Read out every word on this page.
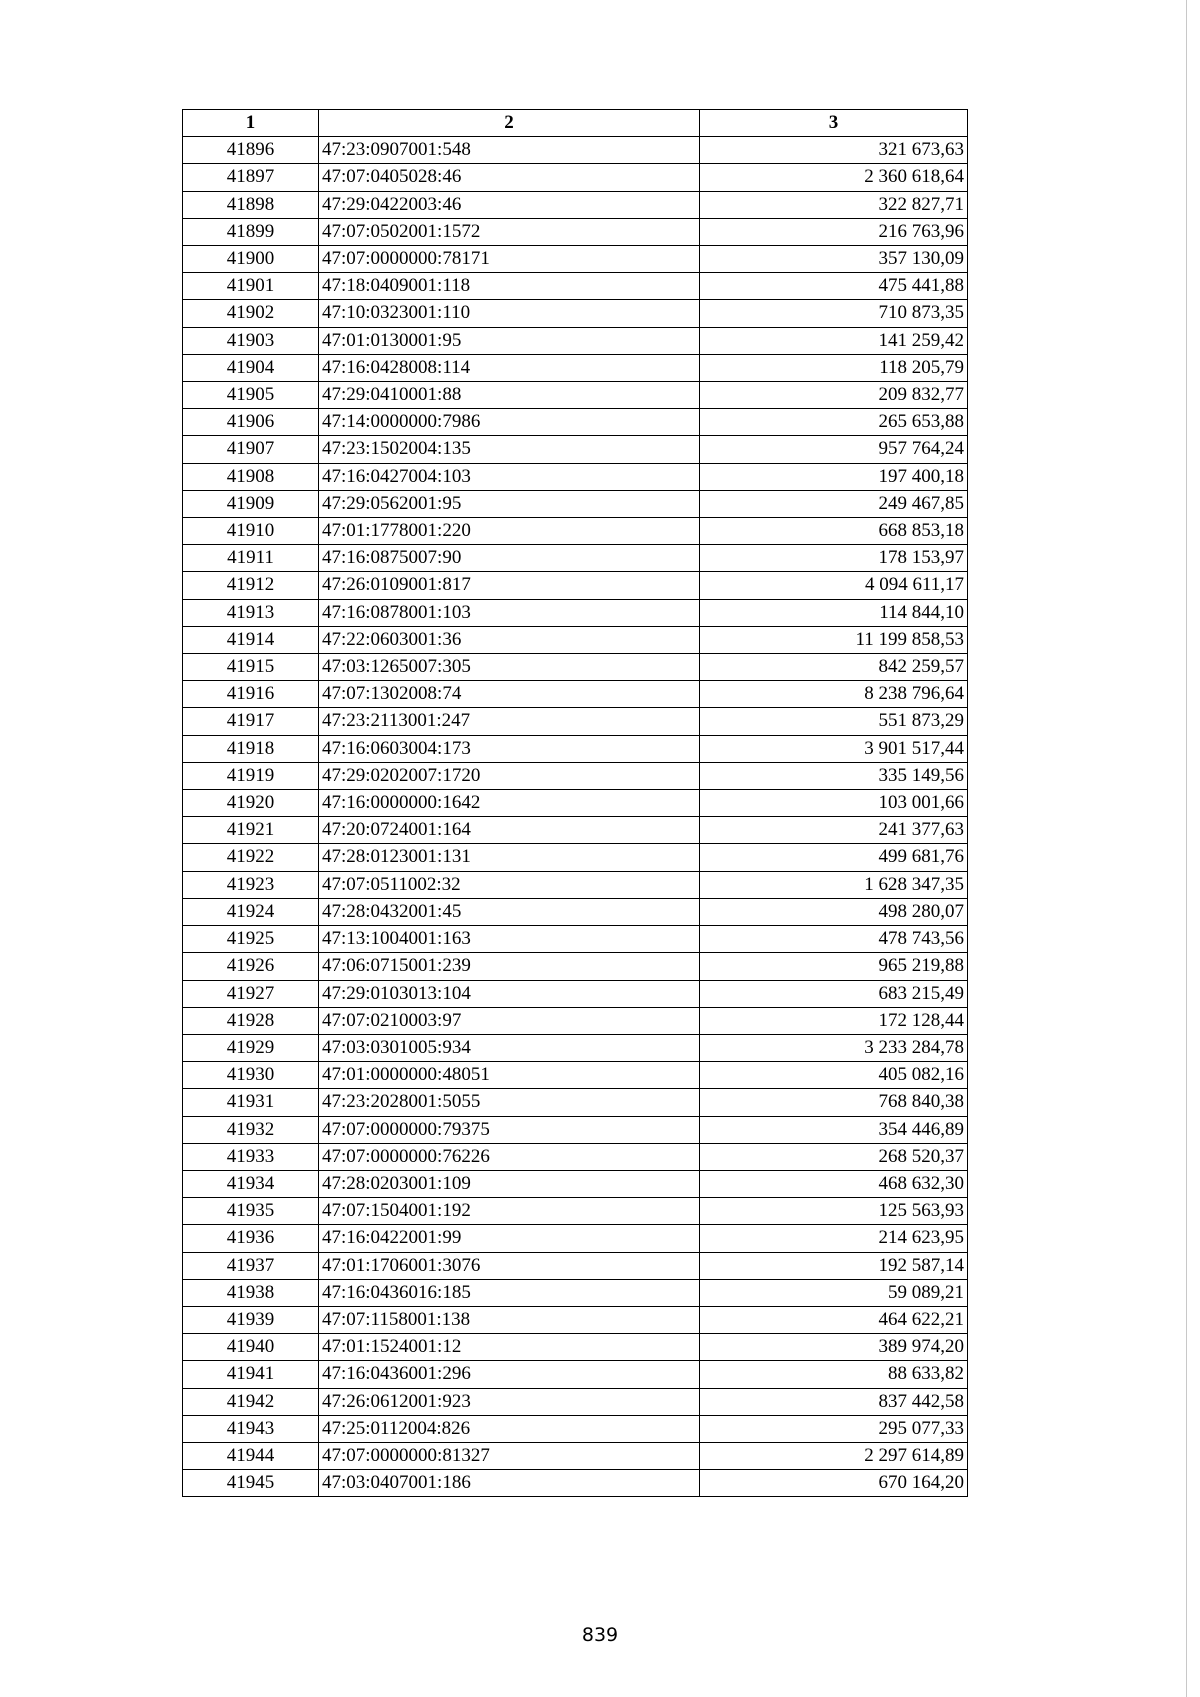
1	2	3
41896	47:23:0907001:548	321 673,63
41897	47:07:0405028:46	2 360 618,64
41898	47:29:0422003:46	322 827,71
41899	47:07:0502001:1572	216 763,96
41900	47:07:0000000:78171	357 130,09
41901	47:18:0409001:118	475 441,88
41902	47:10:0323001:110	710 873,35
41903	47:01:0130001:95	141 259,42
41904	47:16:0428008:114	118 205,79
41905	47:29:0410001:88	209 832,77
41906	47:14:0000000:7986	265 653,88
41907	47:23:1502004:135	957 764,24
41908	47:16:0427004:103	197 400,18
41909	47:29:0562001:95	249 467,85
41910	47:01:1778001:220	668 853,18
41911	47:16:0875007:90	178 153,97
41912	47:26:0109001:817	4 094 611,17
41913	47:16:0878001:103	114 844,10
41914	47:22:0603001:36	11 199 858,53
41915	47:03:1265007:305	842 259,57
41916	47:07:1302008:74	8 238 796,64
41917	47:23:2113001:247	551 873,29
41918	47:16:0603004:173	3 901 517,44
41919	47:29:0202007:1720	335 149,56
41920	47:16:0000000:1642	103 001,66
41921	47:20:0724001:164	241 377,63
41922	47:28:0123001:131	499 681,76
41923	47:07:0511002:32	1 628 347,35
41924	47:28:0432001:45	498 280,07
41925	47:13:1004001:163	478 743,56
41926	47:06:0715001:239	965 219,88
41927	47:29:0103013:104	683 215,49
41928	47:07:0210003:97	172 128,44
41929	47:03:0301005:934	3 233 284,78
41930	47:01:0000000:48051	405 082,16
41931	47:23:2028001:5055	768 840,38
41932	47:07:0000000:79375	354 446,89
41933	47:07:0000000:76226	268 520,37
41934	47:28:0203001:109	468 632,30
41935	47:07:1504001:192	125 563,93
41936	47:16:0422001:99	214 623,95
41937	47:01:1706001:3076	192 587,14
41938	47:16:0436016:185	59 089,21
41939	47:07:1158001:138	464 622,21
41940	47:01:1524001:12	389 974,20
41941	47:16:0436001:296	88 633,82
41942	47:26:0612001:923	837 442,58
41943	47:25:0112004:826	295 077,33
41944	47:07:0000000:81327	2 297 614,89
41945	47:03:0407001:186	670 164,20
839
